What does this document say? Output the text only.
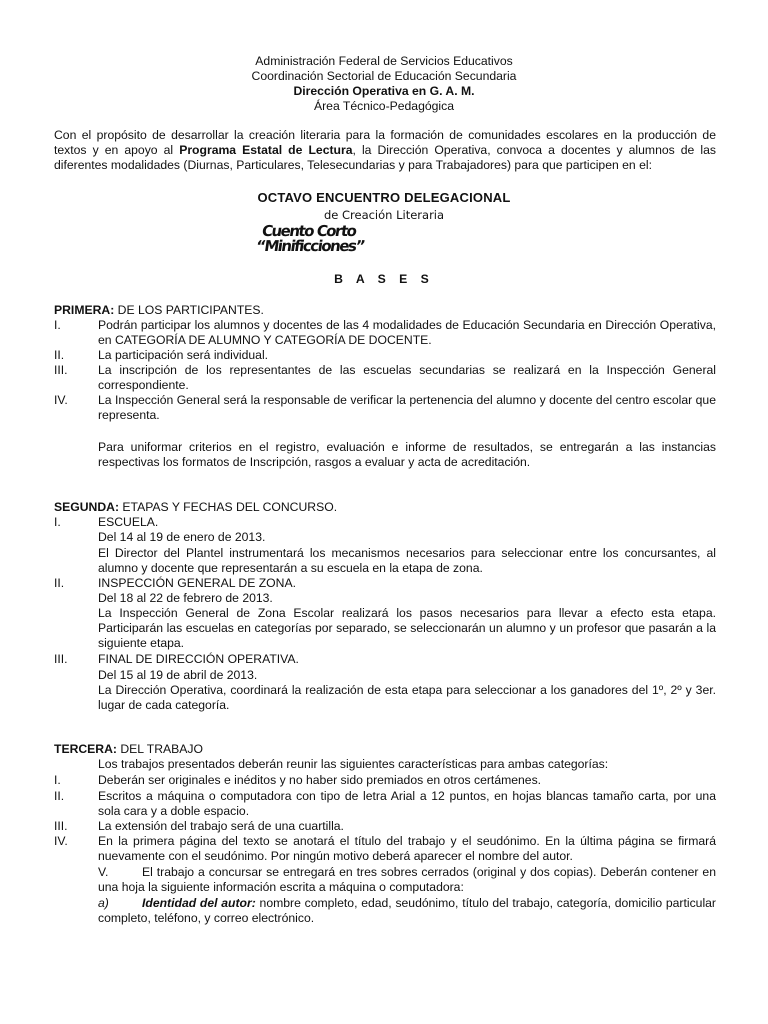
Administración Federal de Servicios Educativos
Coordinación Sectorial de Educación Secundaria
Dirección Operativa en G. A. M.
Área Técnico-Pedagógica
Con el propósito de desarrollar la creación literaria para la formación de comunidades escolares en la producción de textos y en apoyo al Programa Estatal de Lectura, la Dirección Operativa, convoca a docentes y alumnos de las diferentes modalidades (Diurnas, Particulares, Telesecundarias y para Trabajadores) para que participen en el:
OCTAVO ENCUENTRO DELEGACIONAL
de Creación Literaria
Cuento Corto
“Minificciones”
B A S E S
PRIMERA: DE LOS PARTICIPANTES.
I.	Podrán participar los alumnos y docentes de las 4 modalidades de Educación Secundaria en Dirección Operativa, en CATEGORÍA DE ALUMNO Y CATEGORÍA DE DOCENTE.
II.	La participación será individual.
III.	La inscripción de los representantes de las escuelas secundarias se realizará en la Inspección General correspondiente.
IV.	La Inspección General será la responsable de verificar la pertenencia del alumno y docente del centro escolar que representa.
Para uniformar criterios en el registro, evaluación e informe de resultados, se entregarán a las instancias respectivas los formatos de Inscripción, rasgos a evaluar y acta de acreditación.
SEGUNDA: ETAPAS Y FECHAS DEL CONCURSO.
I.	ESCUELA.
Del 14 al 19 de enero de 2013.
El Director del Plantel instrumentará los mecanismos necesarios para seleccionar entre los concursantes, al alumno y docente que representarán a su escuela en la etapa de zona.
II.	INSPECCIÓN GENERAL DE ZONA.
Del 18 al 22 de febrero de 2013.
La Inspección General de Zona Escolar realizará los pasos necesarios para llevar a efecto esta etapa. Participarán las escuelas en categorías por separado, se seleccionarán un alumno y un profesor que pasarán a la siguiente etapa.
III.	FINAL DE DIRECCIÓN OPERATIVA.
Del 15 al 19 de abril de 2013.
La Dirección Operativa, coordinará la realización de esta etapa para seleccionar a los ganadores del 1º, 2º y 3er. lugar de cada categoría.
TERCERA: DEL TRABAJO
Los trabajos presentados deberán reunir las siguientes características para ambas categorías:
I.	Deberán ser originales e inéditos y no haber sido premiados en otros certámenes.
II.	Escritos a máquina o computadora con tipo de letra Arial a 12 puntos, en hojas blancas tamaño carta, por una sola cara y a doble espacio.
III.	La extensión del trabajo será de una cuartilla.
IV.	En la primera página del texto se anotará el título del trabajo y el seudónimo. En la última página se firmará nuevamente con el seudónimo. Por ningún motivo deberá aparecer el nombre del autor.
V.	El trabajo a concursar se entregará en tres sobres cerrados (original y dos copias). Deberán contener en una hoja la siguiente información escrita a máquina o computadora:
a)	Identidad del autor: nombre completo, edad, seudónimo, título del trabajo, categoría, domicilio particular completo, teléfono, y correo electrónico.
